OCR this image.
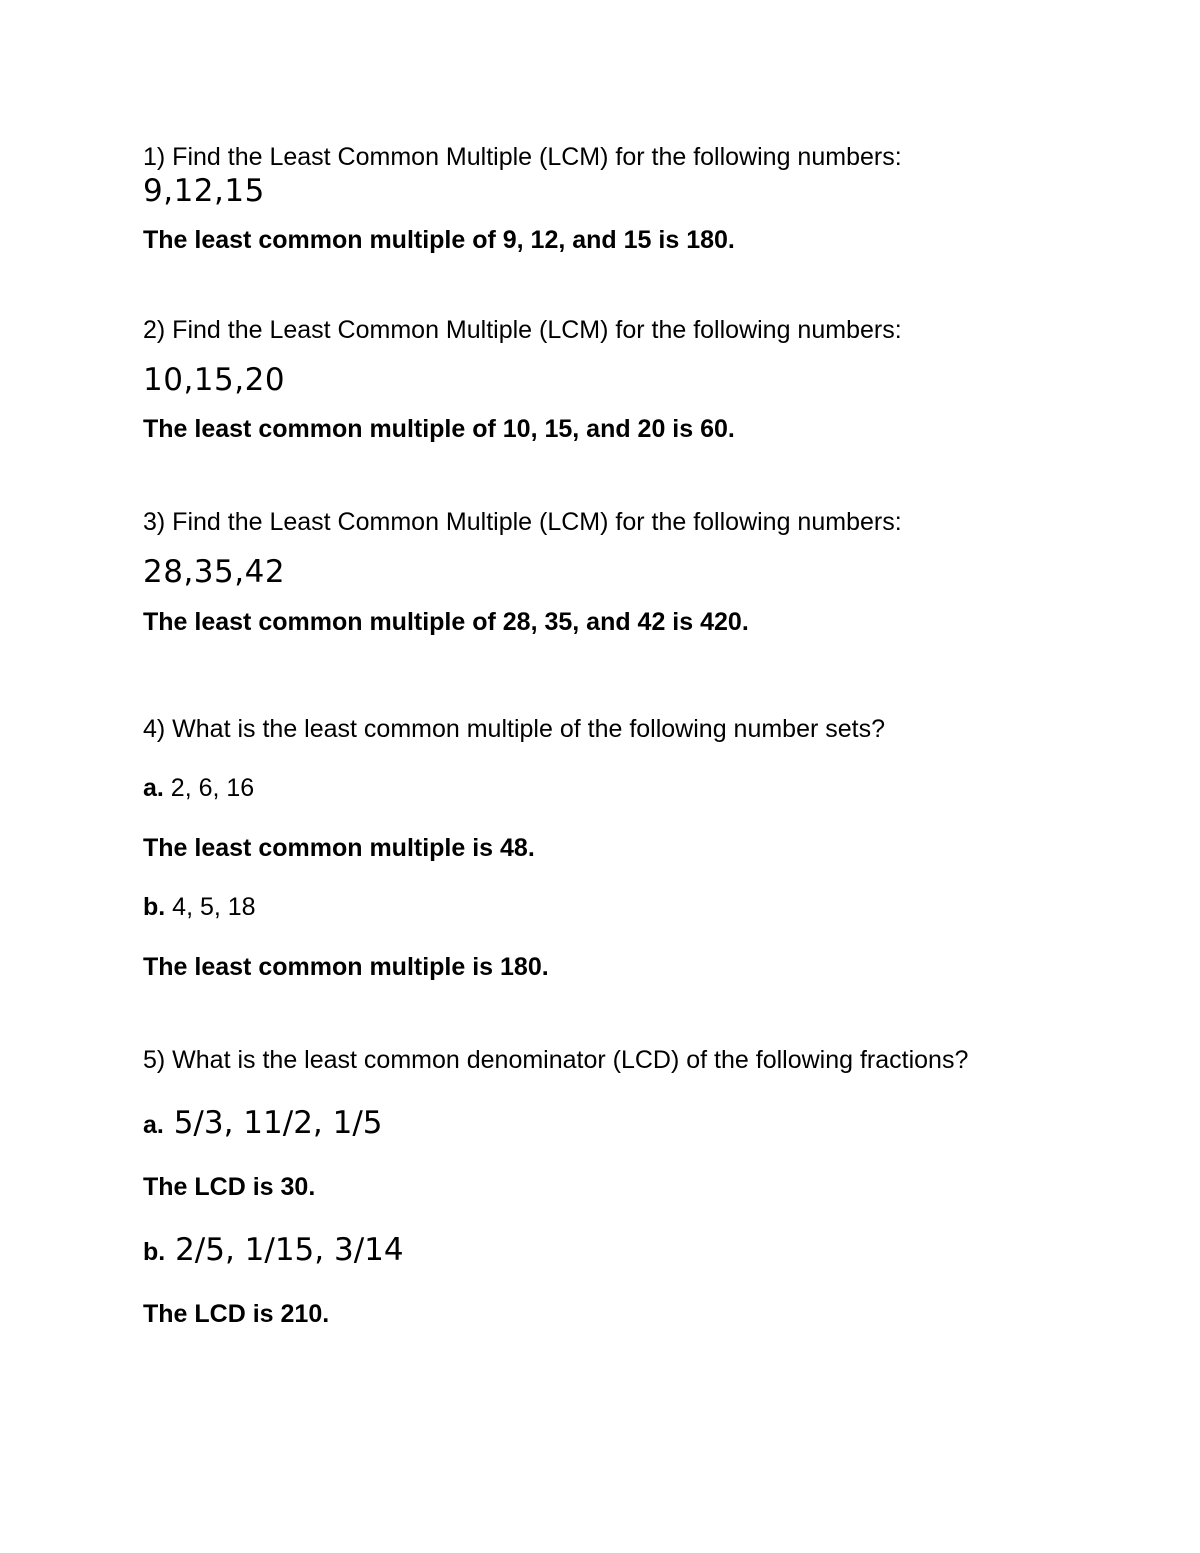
1) Find the Least Common Multiple (LCM) for the following numbers:
9,12,15
The least common multiple of 9, 12, and 15 is 180.
2) Find the Least Common Multiple (LCM) for the following numbers:
10,15,20
The least common multiple of 10, 15, and 20 is 60.
3) Find the Least Common Multiple (LCM) for the following numbers:
28,35,42
The least common multiple of 28, 35, and 42 is 420.
4) What is the least common multiple of the following number sets?
a. 2, 6, 16
The least common multiple is 48.
b. 4, 5, 18
The least common multiple is 180.
5) What is the least common denominator (LCD) of the following fractions?
a. 5/3, 11/2, 1/5
The LCD is 30.
b. 2/5, 1/15, 3/14
The LCD is 210.
